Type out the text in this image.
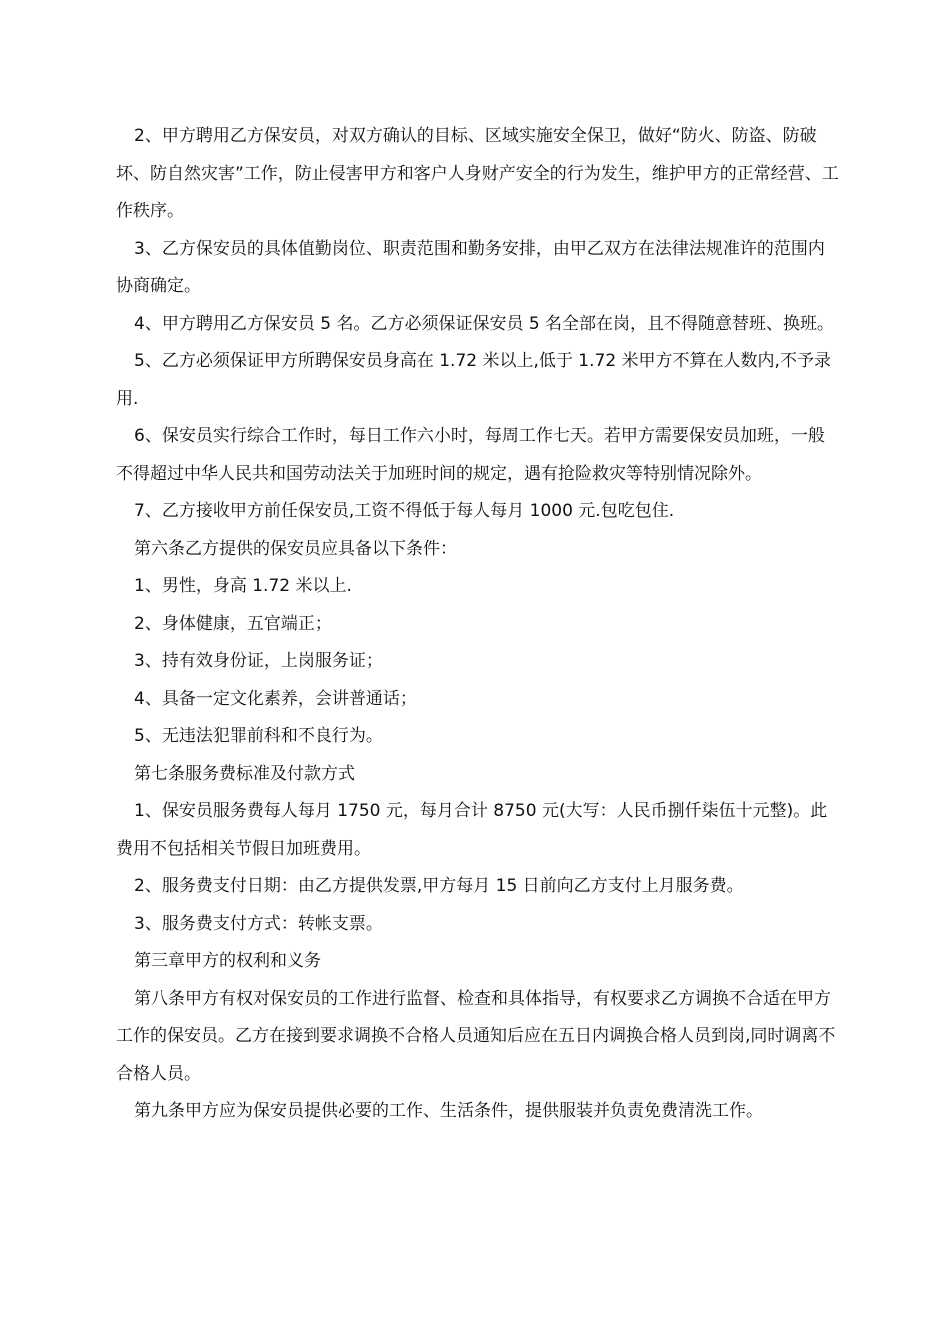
2、甲方聘用乙方保安员，对双方确认的目标、区域实施安全保卫，做好“防火、防盗、防破坏、防自然灾害”工作，防止侵害甲方和客户人身财产安全的行为发生，维护甲方的正常经营、工作秩序。

3、乙方保安员的具体值勤岗位、职责范围和勤务安排，由甲乙双方在法律法规准许的范围内协商确定。

4、甲方聘用乙方保安员 5 名。乙方必须保证保安员 5 名全部在岗，且不得随意替班、换班。

5、乙方必须保证甲方所聘保安员身高在 1.72 米以上,低于 1.72 米甲方不算在人数内,不予录用.

6、保安员实行综合工作时，每日工作六小时，每周工作七天。若甲方需要保安员加班，一般不得超过中华人民共和国劳动法关于加班时间的规定，遇有抢险救灾等特别情况除外。

7、乙方接收甲方前任保安员,工资不得低于每人每月 1000 元.包吃包住.

第六条乙方提供的保安员应具备以下条件：

1、男性，身高 1.72 米以上.

2、身体健康，五官端正；

3、持有效身份证，上岗服务证；

4、具备一定文化素养，会讲普通话；

5、无违法犯罪前科和不良行为。

第七条服务费标准及付款方式

1、保安员服务费每人每月 1750 元，每月合计 8750 元(大写：人民币捌仟柒伍十元整)。此费用不包括相关节假日加班费用。

2、服务费支付日期：由乙方提供发票,甲方每月 15 日前向乙方支付上月服务费。

3、服务费支付方式：转帐支票。

第三章甲方的权利和义务

第八条甲方有权对保安员的工作进行监督、检查和具体指导，有权要求乙方调换不合适在甲方工作的保安员。乙方在接到要求调换不合格人员通知后应在五日内调换合格人员到岗,同时调离不合格人员。

第九条甲方应为保安员提供必要的工作、生活条件，提供服装并负责免费清洗工作。
